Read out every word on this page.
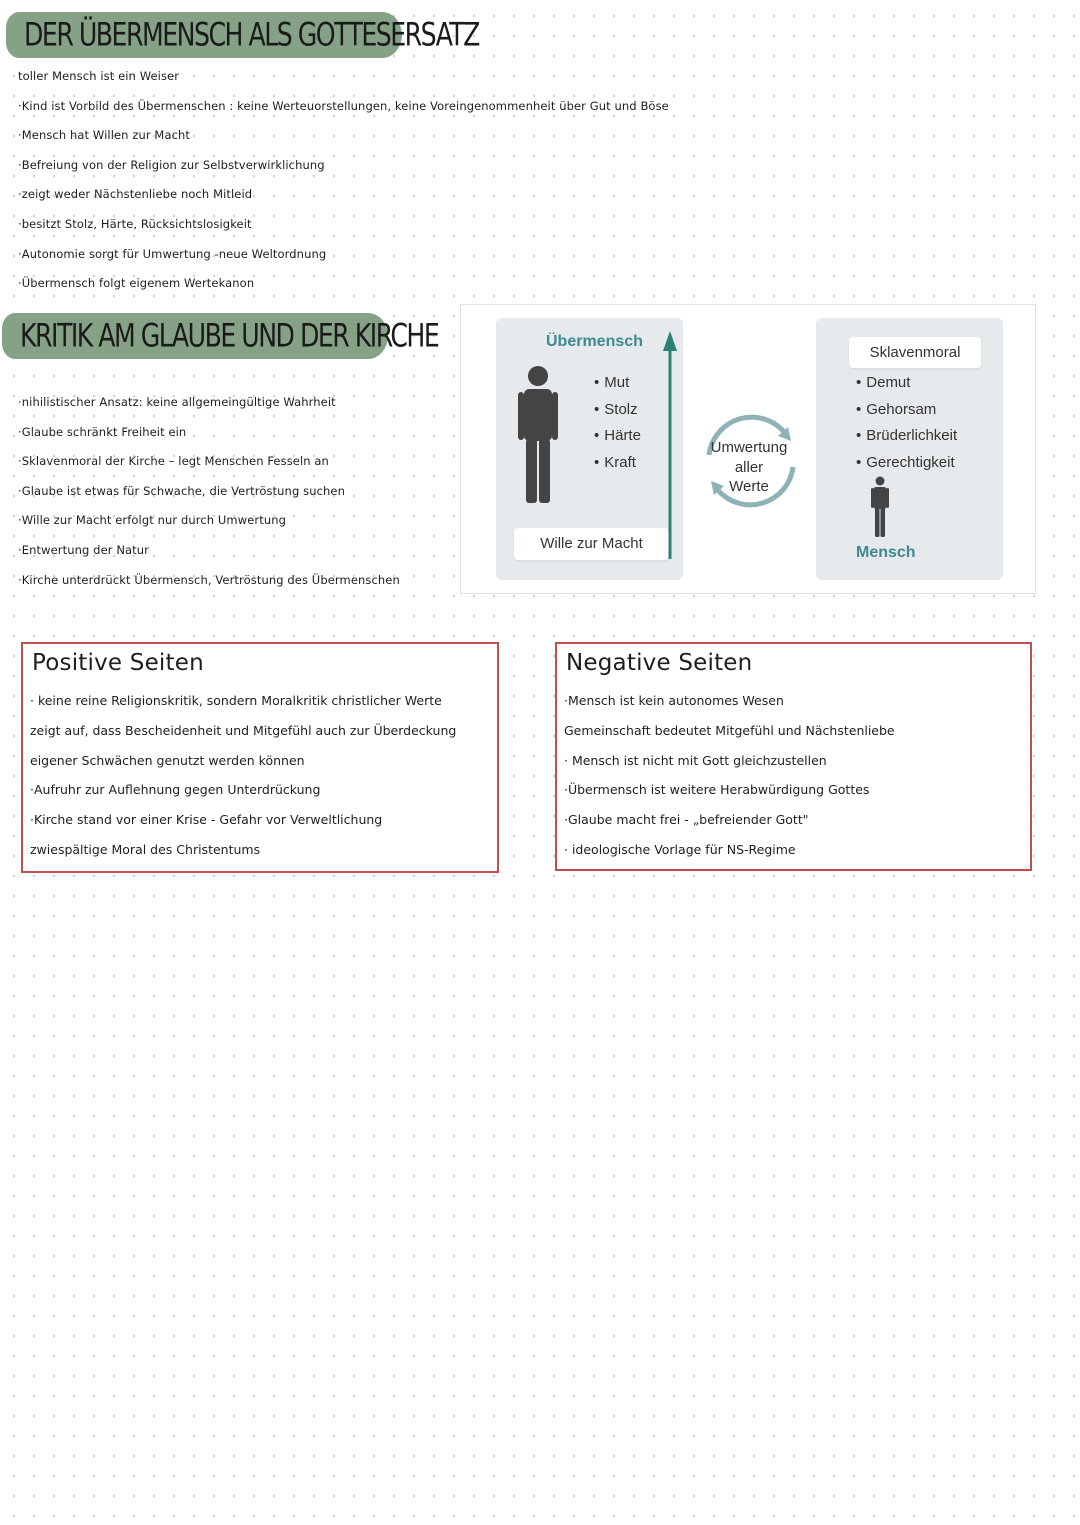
DER ÜBERMENSCH ALS GOTTESERSATZ
toller Mensch ist ein Weiser
·Kind ist Vorbild des Übermenschen : keine Werteuorstellungen, keine Voreingenommenheit über Gut und Böse
·Mensch hat Willen zur Macht
·Befreiung von der Religion zur Selbstverwirklichung
·zeigt weder Nächstenliebe noch Mitleid
·besitzt Stolz, Härte, Rücksichtslosigkeit
·Autonomie sorgt für Umwertung -neue Weltordnung
·Übermensch folgt eigenem Wertekanon
KRITIK AM GLAUBE UND DER KIRCHE
·nihilistischer Ansatz: keine allgemeingültige Wahrheit
·Glaube schränkt Freiheit ein
·Sklavenmoral der Kirche – legt Menschen Fesseln an
·Glaube ist etwas für Schwache, die Vertröstung suchen
·Wille zur Macht erfolgt nur durch Umwertung
·Entwertung der Natur
·Kirche unterdrückt Übermensch, Vertröstung des Übermenschen
Übermensch
• Mut
• Stolz
• Härte
• Kraft
Wille zur Macht
Umwertung
aller
Werte
Sklavenmoral
• Demut
• Gehorsam
• Brüderlichkeit
• Gerechtigkeit
Mensch
Positive Seiten
· keine reine Religionskritik, sondern Moralkritik christlicher Werte
zeigt auf, dass Bescheidenheit und Mitgefühl auch zur Überdeckung
eigener Schwächen genutzt werden können
·Aufruhr zur Auflehnung gegen Unterdrückung
·Kirche stand vor einer Krise - Gefahr vor Verweltlichung
zwiespältige Moral des Christentums
Negative Seiten
·Mensch ist kein autonomes Wesen
Gemeinschaft bedeutet Mitgefühl und Nächstenliebe
· Mensch ist nicht mit Gott gleichzustellen
·Übermensch ist weitere Herabwürdigung Gottes
·Glaube macht frei - „befreiender Gott"
· ideologische Vorlage für NS-Regime
